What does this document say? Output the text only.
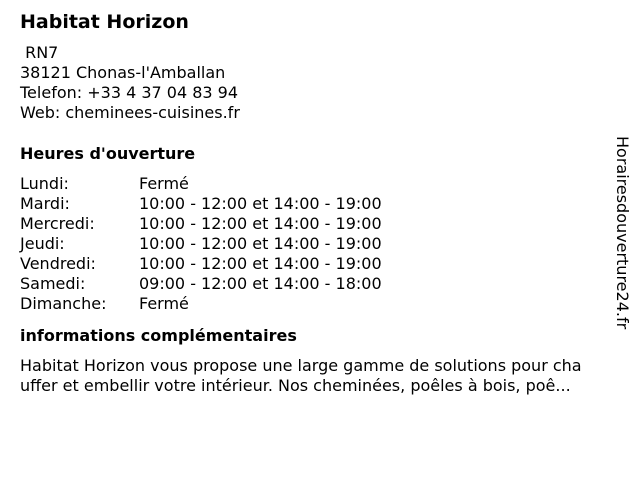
Habitat Horizon
RN7
38121 Chonas-l'Amballan
Telefon: +33 4 37 04 83 94
Web: cheminees-cuisines.fr
Heures d'ouverture
Lundi:	Fermé
Mardi:	10:00 - 12:00 et 14:00 - 19:00
Mercredi:	10:00 - 12:00 et 14:00 - 19:00
Jeudi:	10:00 - 12:00 et 14:00 - 19:00
Vendredi:	10:00 - 12:00 et 14:00 - 19:00
Samedi:	09:00 - 12:00 et 14:00 - 18:00
Dimanche:	Fermé
informations complémentaires
Habitat Horizon vous propose une large gamme de solutions pour cha
uffer et embellir votre intérieur. Nos cheminées, poêles à bois, poê...
Horairesdouverture24.fr
